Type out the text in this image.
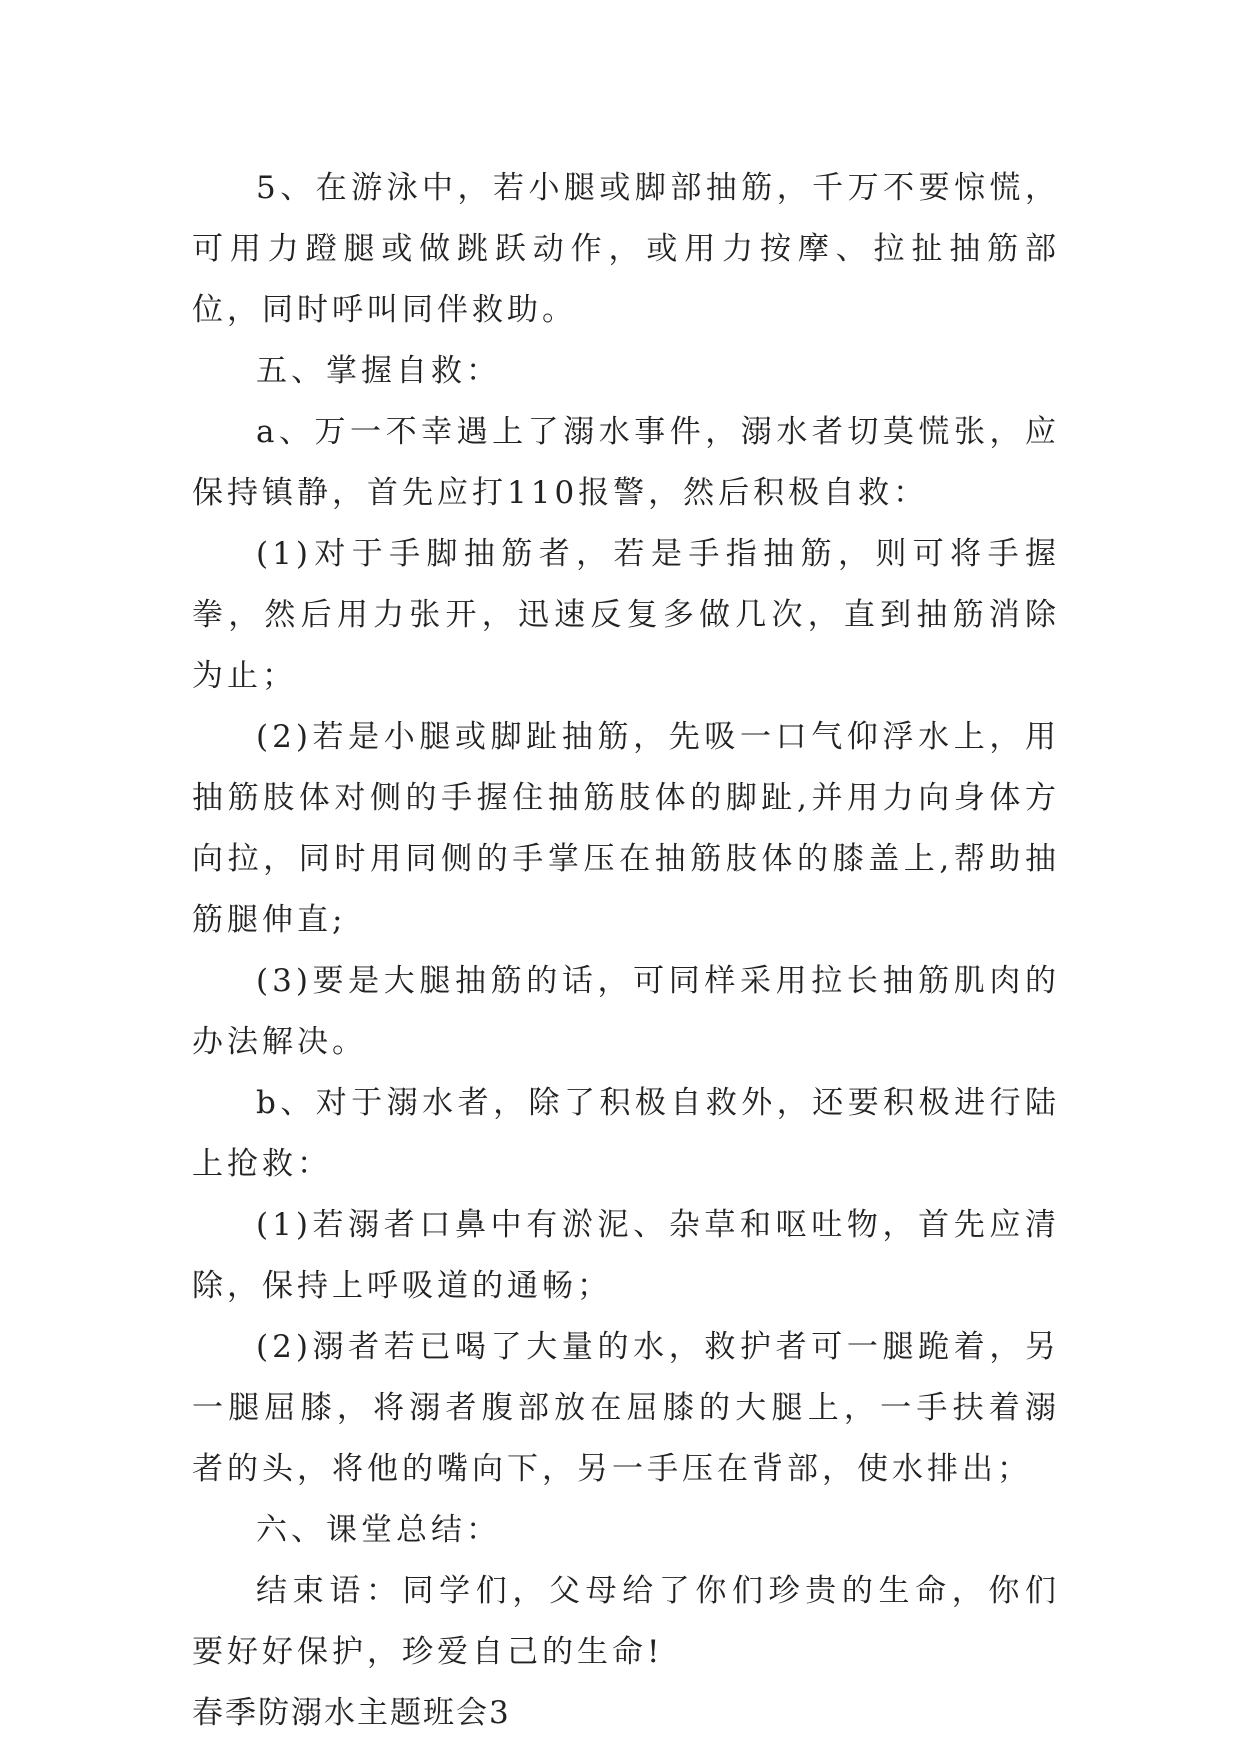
5、在游泳中，若小腿或脚部抽筋，千万不要惊慌，可用力蹬腿或做跳跃动作，或用力按摩、拉扯抽筋部位，同时呼叫同伴救助。

五、掌握自救：

a、万一不幸遇上了溺水事件，溺水者切莫慌张，应保持镇静，首先应打110报警，然后积极自救：

(1)对于手脚抽筋者，若是手指抽筋，则可将手握拳，然后用力张开，迅速反复多做几次，直到抽筋消除为止；

(2)若是小腿或脚趾抽筋，先吸一口气仰浮水上，用抽筋肢体对侧的手握住抽筋肢体的脚趾,并用力向身体方向拉，同时用同侧的手掌压在抽筋肢体的膝盖上,帮助抽筋腿伸直;

(3)要是大腿抽筋的话，可同样采用拉长抽筋肌肉的办法解决。

b、对于溺水者，除了积极自救外，还要积极进行陆上抢救：

(1)若溺者口鼻中有淤泥、杂草和呕吐物，首先应清除，保持上呼吸道的通畅；

(2)溺者若已喝了大量的水，救护者可一腿跪着，另一腿屈膝，将溺者腹部放在屈膝的大腿上，一手扶着溺者的头，将他的嘴向下，另一手压在背部，使水排出；

六、课堂总结：

结束语：同学们，父母给了你们珍贵的生命，你们要好好保护，珍爱自己的生命!

春季防溺水主题班会3
